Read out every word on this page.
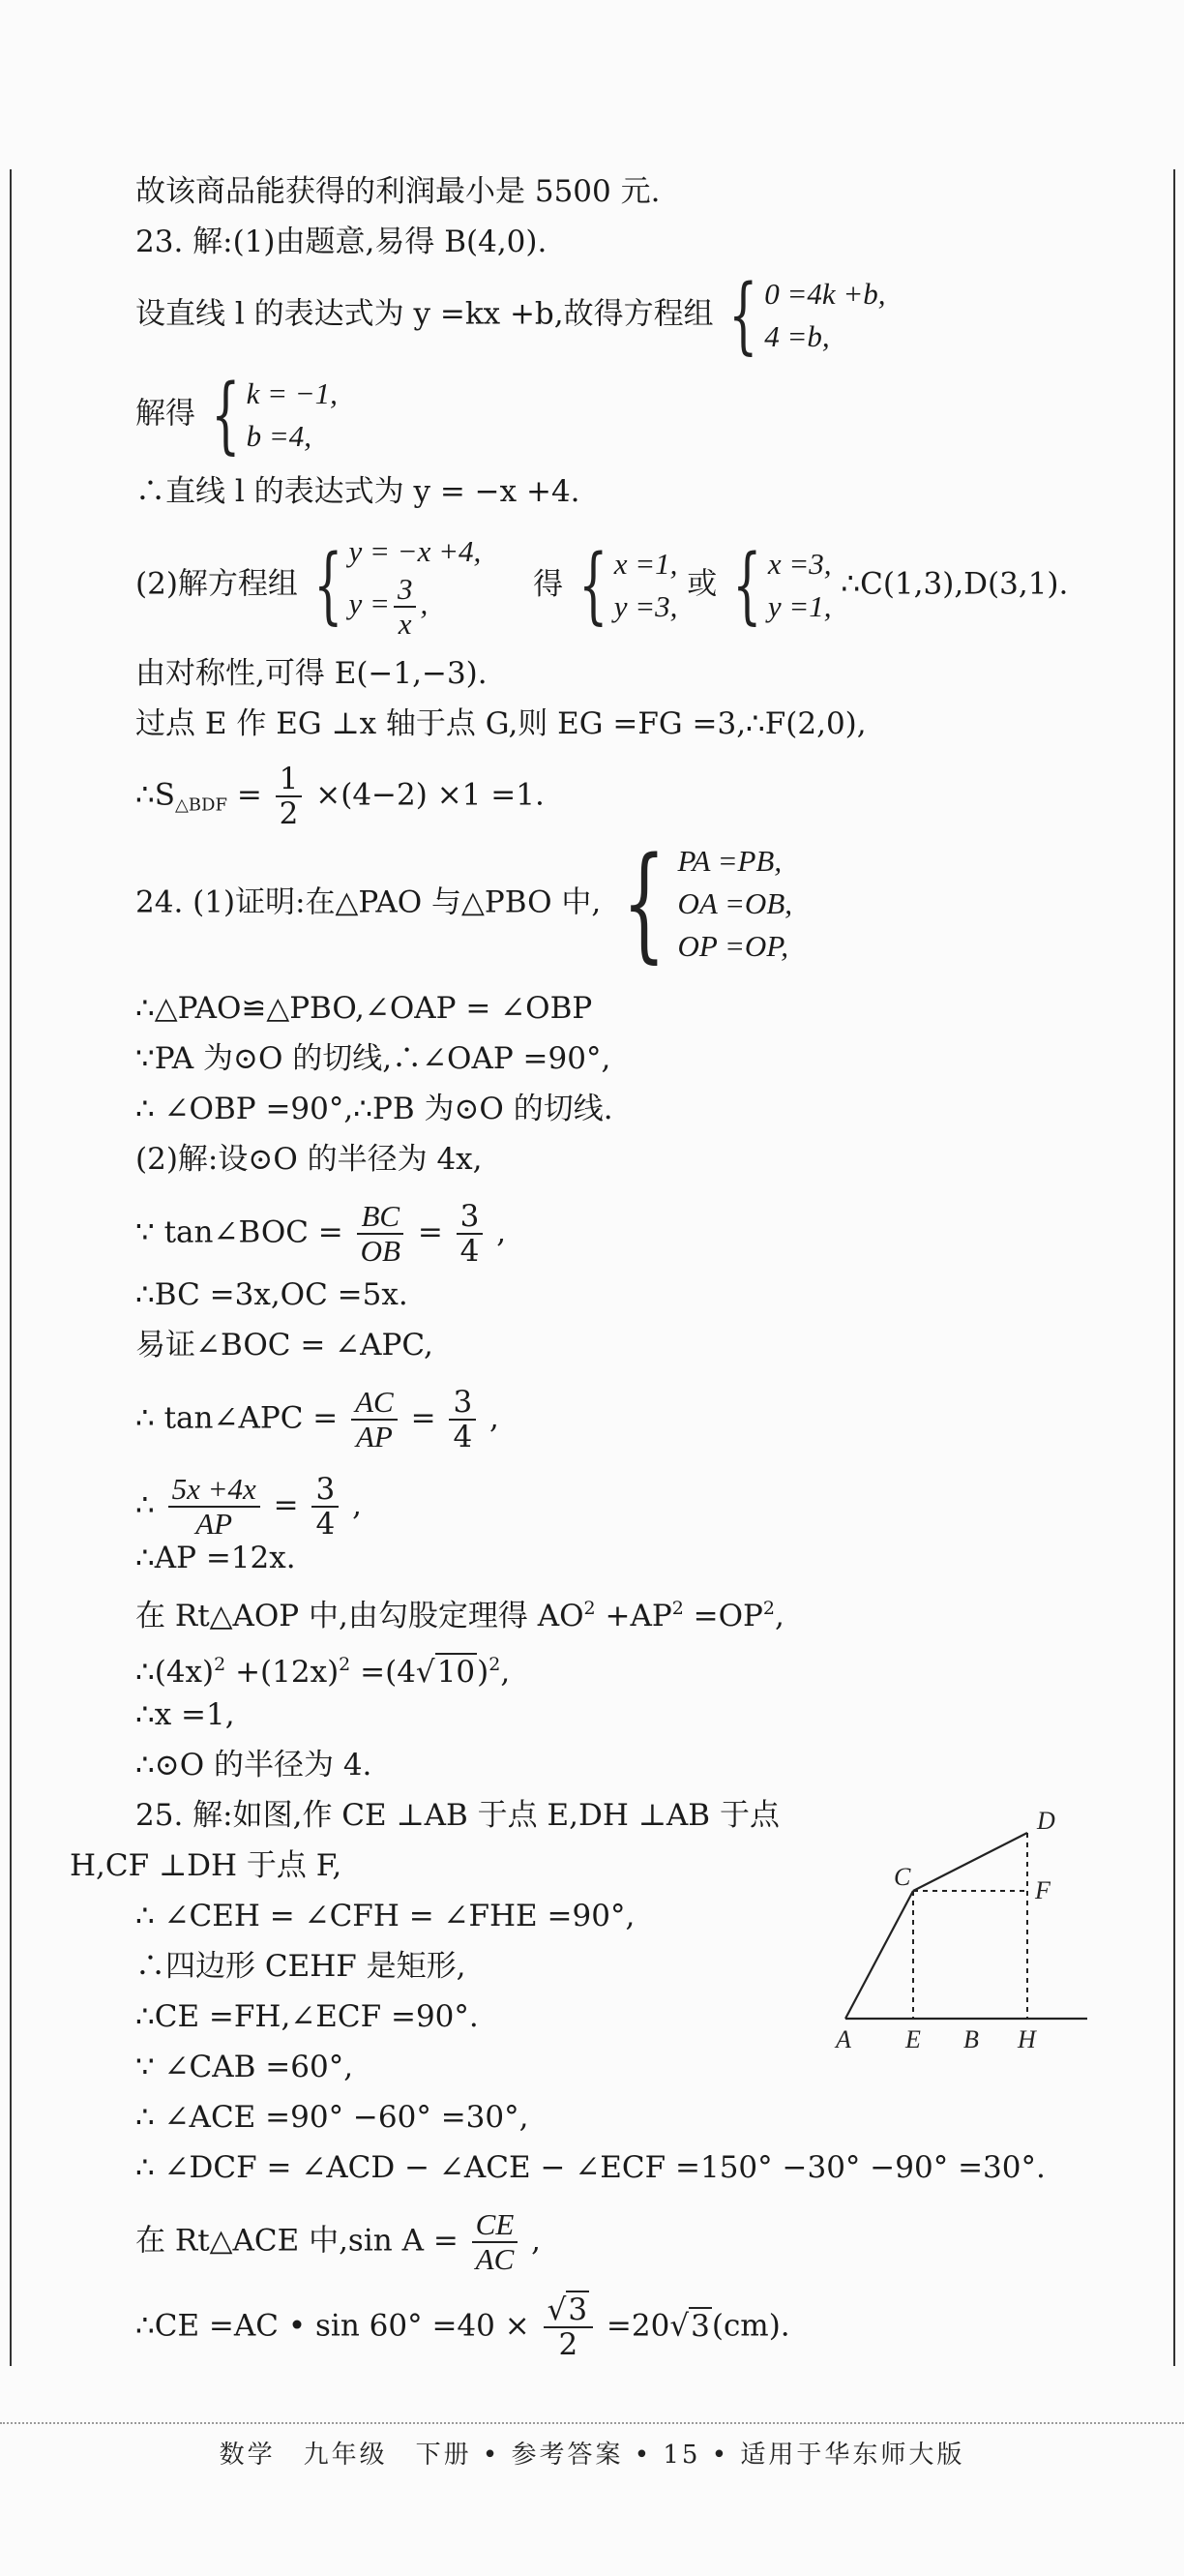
故该商品能获得的利润最小是 5500 元.
23. 解:(1)由题意,易得 B(4,0).
设直线 l 的表达式为 y =kx +b,故得方程组 { 0 =4k +b,
4 =b,
解得 { k = −1,
b =4,
∴直线 l 的表达式为 y = −x +4.
(2)解方程组 { y = −x +4,
$y = \frac{3}{x}$ ,
得 { x =1,
y =3,
或 { x =3,
y =1,
∴C(1,3),D(3,1).
由对称性,可得 E(−1,−3).
过点 E 作 EG ⊥x 轴于点 G,则 EG =FG =3,∴F(2,0),
$\therefore S_{\triangle BDF} = \frac{1}{2} \times(4-2) \times 1 =1$.
24. (1)证明:在△PAO 与△PBO 中, { PA =PB,
OA =OB,
OP =OP,
∴△PAO≌△PBO,∠OAP = ∠OBP
∵PA 为⊙O 的切线,∴∠OAP =90°,
∴ ∠OBP =90°,∴PB 为⊙O 的切线.
(2)解:设⊙O 的半径为 4x,
∵ tan∠BOC = $\frac{BC}{OB} = \frac{3}{4}$ ,
∴BC =3x,OC =5x.
易证∠BOC = ∠APC,
∴ tan∠APC = $\frac{AC}{AP} = \frac{3}{4}$ ,
∴ $\frac{5x +4x}{AP} = \frac{3}{4}$ ,
∴AP =12x.
在 Rt△AOP 中,由勾股定理得 $AO^2 +AP^2 =OP^2$,
$\therefore(4x)^2 +(12x)^2 =(4√10)^2$,
∴x =1,
∴⊙O 的半径为 4.
25. 解:如图,作 CE ⊥AB 于点 E,DH ⊥AB 于点
H,CF ⊥DH 于点 F,
∴ ∠CEH = ∠CFH = ∠FHE =90°,
∴四边形 CEHF 是矩形,
∴CE =FH,∠ECF =90°.
∵ ∠CAB =60°,
∴ ∠ACE =90° −60° =30°,
∴ ∠DCF = ∠ACD − ∠ACE − ∠ECF =150° −30° −90° =30°.
在 Rt△ACE 中,sin $A = \frac{CE}{AC}$ ,
∴CE =AC • $\sin 60^\circ =40 \times \frac{√3}{2} =20√3(cm)$.
D
C	F
A E B H
数学　九年级　下册 • 参考答案 • 15 • 适用于华东师大版
